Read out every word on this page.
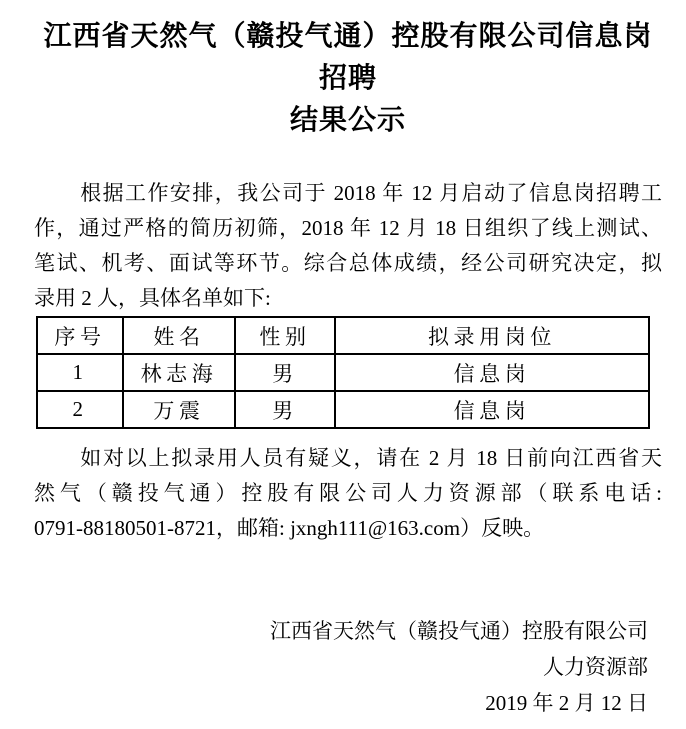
江西省天然气（赣投气通）控股有限公司信息岗招聘
结果公示
根据工作安排，我公司于 2018 年 12 月启动了信息岗招聘工
作，通过严格的简历初筛，2018 年 12 月 18 日组织了线上测试、
笔试、机考、面试等环节。综合总体成绩，经公司研究决定，拟
录用 2 人，具体名单如下:
序号	姓名	性别	拟录用岗位
1	林志海	男	信息岗
2	万震	男	信息岗
如对以上拟录用人员有疑义，请在 2 月 18 日前向江西省天
然气（赣投气通）控股有限公司人力资源部（联系电话:
0791-88180501-8721，邮箱: jxngh111@163.com）反映。
江西省天然气（赣投气通）控股有限公司
人力资源部
2019 年 2 月 12 日
